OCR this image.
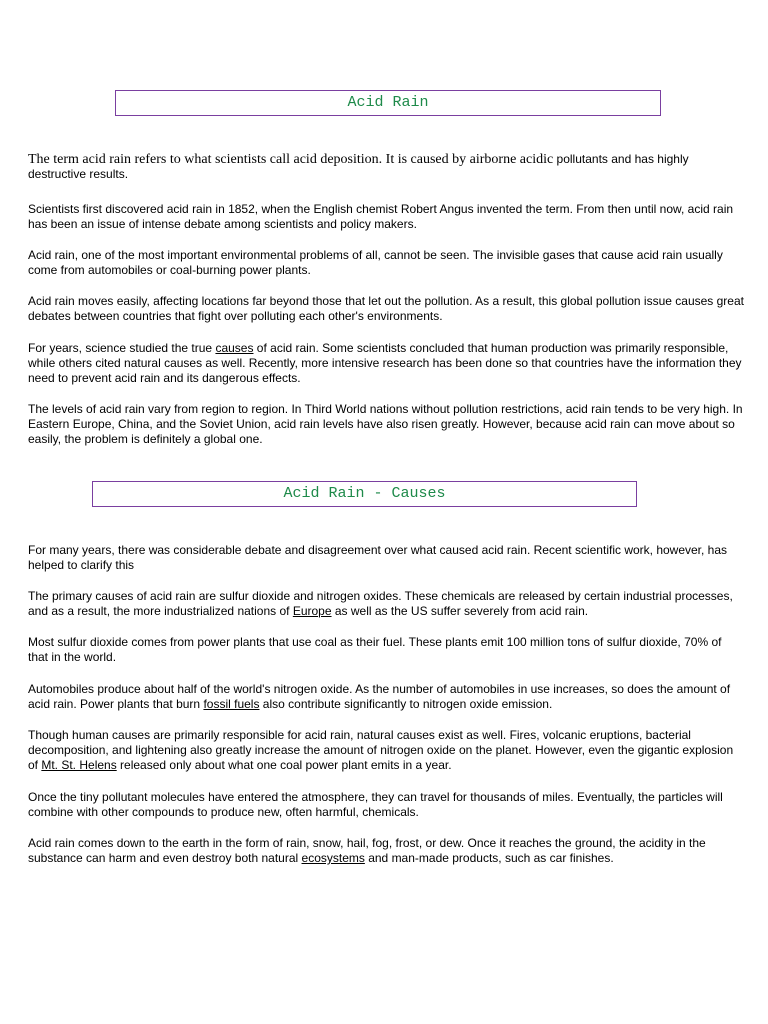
Acid Rain

The term acid rain refers to what scientists call acid deposition. It is caused by airborne acidic pollutants and has highly destructive results.

Scientists first discovered acid rain in 1852, when the English chemist Robert Angus invented the term. From then until now, acid rain has been an issue of intense debate among scientists and policy makers.

Acid rain, one of the most important environmental problems of all, cannot be seen. The invisible gases that cause acid rain usually come from automobiles or coal-burning power plants.

Acid rain moves easily, affecting locations far beyond those that let out the pollution. As a result, this global pollution issue causes great debates between countries that fight over polluting each other's environments.

For years, science studied the true causes of acid rain. Some scientists concluded that human production was primarily responsible, while others cited natural causes as well. Recently, more intensive research has been done so that countries have the information they need to prevent acid rain and its dangerous effects.

The levels of acid rain vary from region to region. In Third World nations without pollution restrictions, acid rain tends to be very high. In Eastern Europe, China, and the Soviet Union, acid rain levels have also risen greatly. However, because acid rain can move about so easily, the problem is definitely a global one.

Acid Rain - Causes

For many years, there was considerable debate and disagreement over what caused acid rain. Recent scientific work, however, has helped to clarify this

The primary causes of acid rain are sulfur dioxide and nitrogen oxides. These chemicals are released by certain industrial processes, and as a result, the more industrialized nations of Europe as well as the US suffer severely from acid rain.

Most sulfur dioxide comes from power plants that use coal as their fuel. These plants emit 100 million tons of sulfur dioxide, 70% of that in the world.

Automobiles produce about half of the world's nitrogen oxide. As the number of automobiles in use increases, so does the amount of acid rain. Power plants that burn fossil fuels also contribute significantly to nitrogen oxide emission.

Though human causes are primarily responsible for acid rain, natural causes exist as well. Fires, volcanic eruptions, bacterial decomposition, and lightening also greatly increase the amount of nitrogen oxide on the planet. However, even the gigantic explosion of Mt. St. Helens released only about what one coal power plant emits in a year.

Once the tiny pollutant molecules have entered the atmosphere, they can travel for thousands of miles. Eventually, the particles will combine with other compounds to produce new, often harmful, chemicals.

Acid rain comes down to the earth in the form of rain, snow, hail, fog, frost, or dew. Once it reaches the ground, the acidity in the substance can harm and even destroy both natural ecosystems and man-made products, such as car finishes.
